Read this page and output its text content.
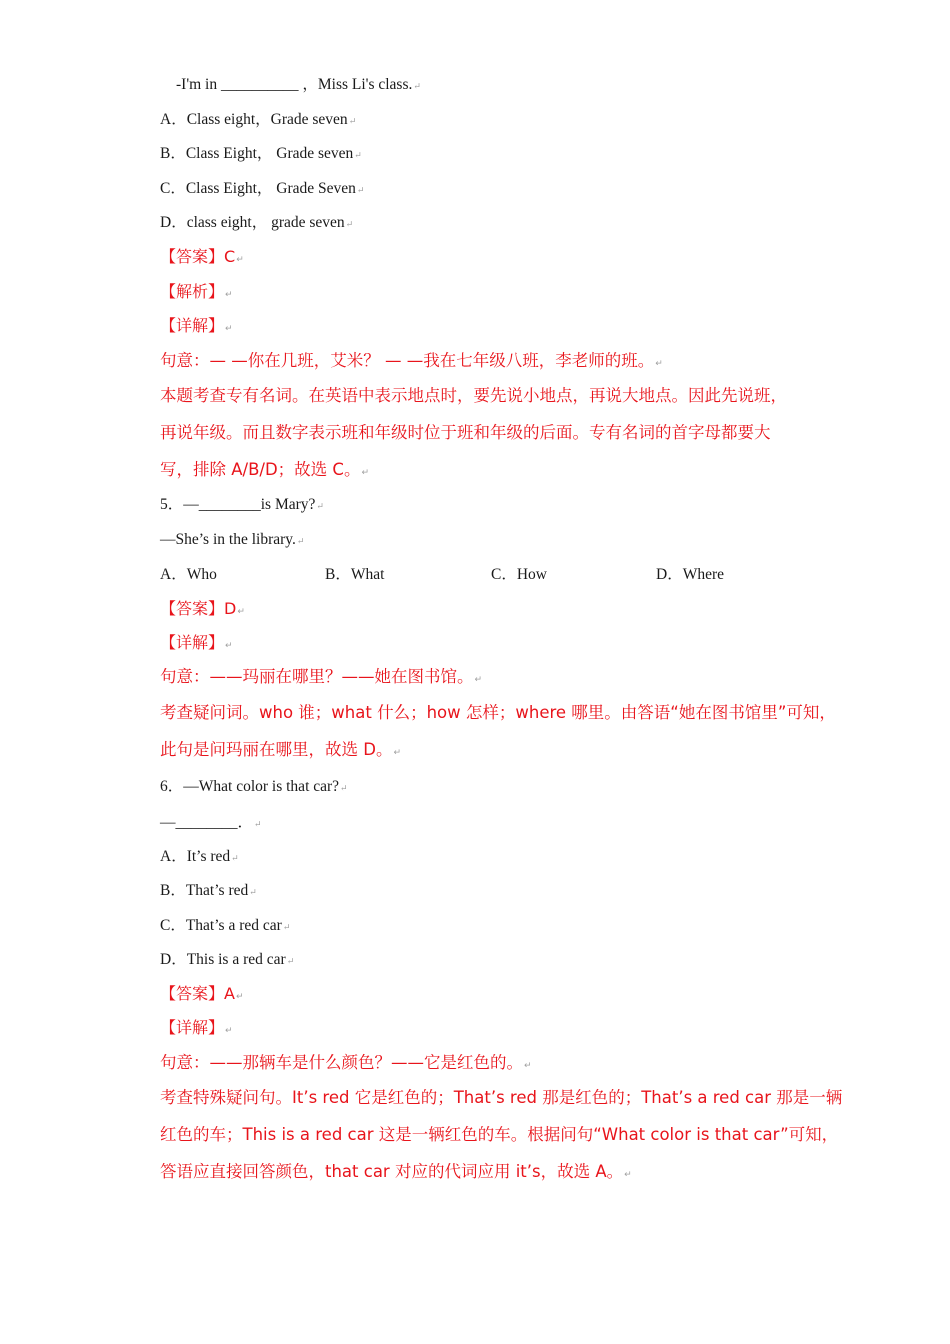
-I'm in __________ ，Miss Li's class.↵
A．Class eight，Grade seven↵
B．Class Eight， Grade seven↵
C．Class Eight， Grade Seven↵
D．class eight， grade seven↵
【答案】C↵
【解析】↵
【详解】↵
句意：— —你在几班，艾米？ — —我在七年级八班，李老师的班。↵
本题考查专有名词。在英语中表示地点时，要先说小地点，再说大地点。因此先说班，
再说年级。而且数字表示班和年级时位于班和年级的后面。专有名词的首字母都要大
写，排除 A/B/D；故选 C。↵
5．—________is Mary?↵
—She’s in the library.↵
A．Who	B．What	C．How	D．Where
【答案】D↵
【详解】↵
句意：——玛丽在哪里？——她在图书馆。↵
考查疑问词。who 谁；what 什么；how 怎样；where 哪里。由答语“她在图书馆里”可知，
此句是问玛丽在哪里，故选 D。↵
6．—What color is that car?↵
—________．↵
A．It’s red↵
B．That’s red↵
C．That’s a red car↵
D．This is a red car↵
【答案】A↵
【详解】↵
句意：——那辆车是什么颜色？——它是红色的。↵
考查特殊疑问句。It’s red 它是红色的；That’s red 那是红色的；That’s a red car 那是一辆
红色的车；This is a red car 这是一辆红色的车。根据问句“What color is that car”可知，
答语应直接回答颜色，that car 对应的代词应用 it’s，故选 A。↵
